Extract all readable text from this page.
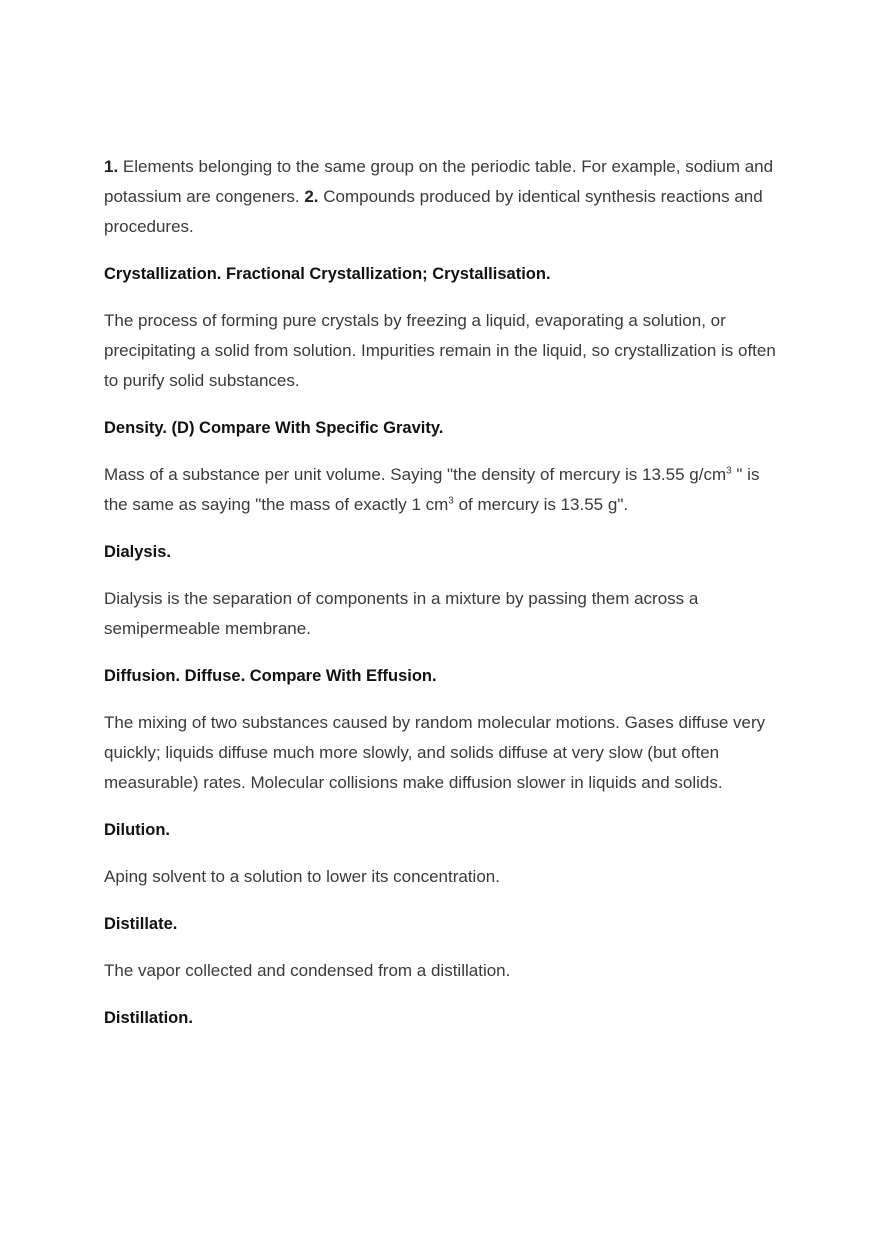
1. Elements belonging to the same group on the periodic table. For example, sodium and potassium are congeners. 2. Compounds produced by identical synthesis reactions and procedures.

Crystallization. Fractional Crystallization; Crystallisation.

The process of forming pure crystals by freezing a liquid, evaporating a solution, or precipitating a solid from solution. Impurities remain in the liquid, so crystallization is often to purify solid substances.

Density. (D) Compare With Specific Gravity.

Mass of a substance per unit volume. Saying "the density of mercury is 13.55 $g/cm^3$ " is the same as saying "the mass of exactly 1 $cm^3$ of mercury is 13.55 g".

Dialysis.

Dialysis is the separation of components in a mixture by passing them across a semipermeable membrane.

Diffusion. Diffuse. Compare With Effusion.

The mixing of two substances caused by random molecular motions. Gases diffuse very quickly; liquids diffuse much more slowly, and solids diffuse at very slow (but often measurable) rates. Molecular collisions make diffusion slower in liquids and solids.

Dilution.

Aping solvent to a solution to lower its concentration.

Distillate.

The vapor collected and condensed from a distillation.

Distillation.
